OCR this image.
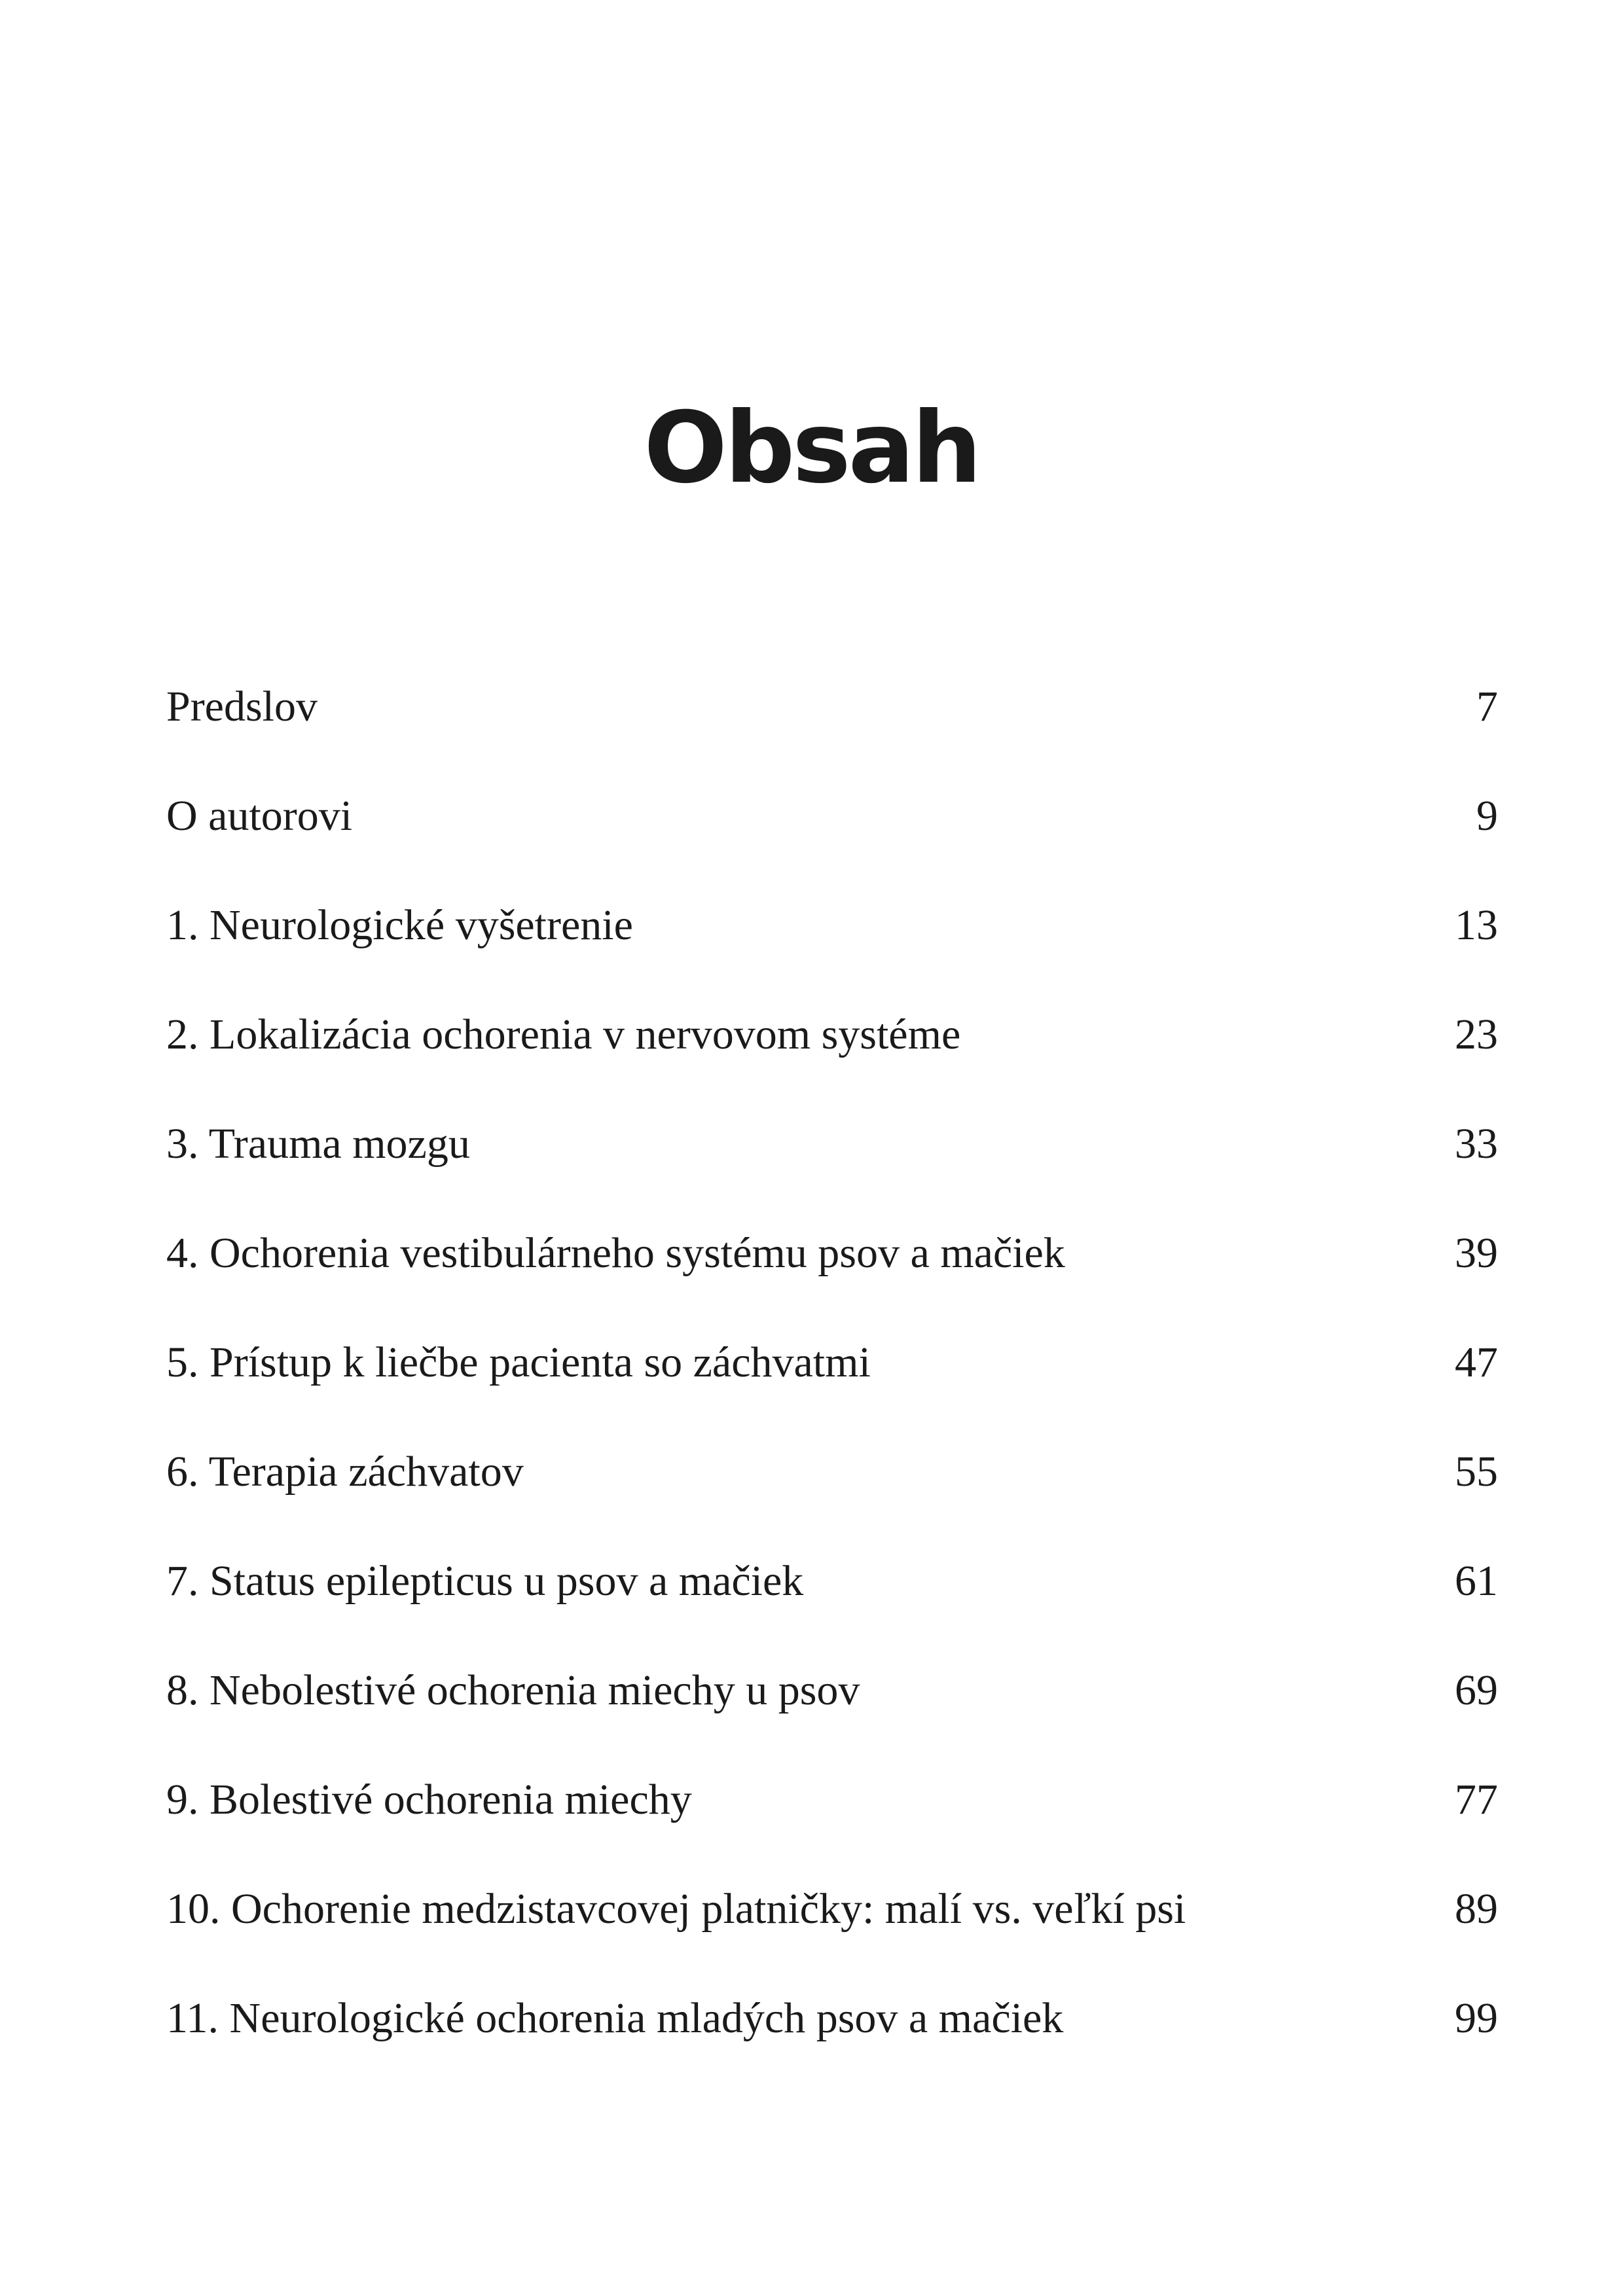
Obsah
Predslov	7
O autorovi	9
1. Neurologické vyšetrenie	13
2. Lokalizácia ochorenia v nervovom systéme	23
3. Trauma mozgu	33
4. Ochorenia vestibulárneho systému psov a mačiek	39
5. Prístup k liečbe pacienta so záchvatmi	47
6. Terapia záchvatov	55
7. Status epilepticus u psov a mačiek	61
8. Nebolestivé ochorenia miechy u psov	69
9. Bolestivé ochorenia miechy	77
10. Ochorenie medzistavcovej platničky: malí vs. veľkí psi	89
11. Neurologické ochorenia mladých psov a mačiek	99
